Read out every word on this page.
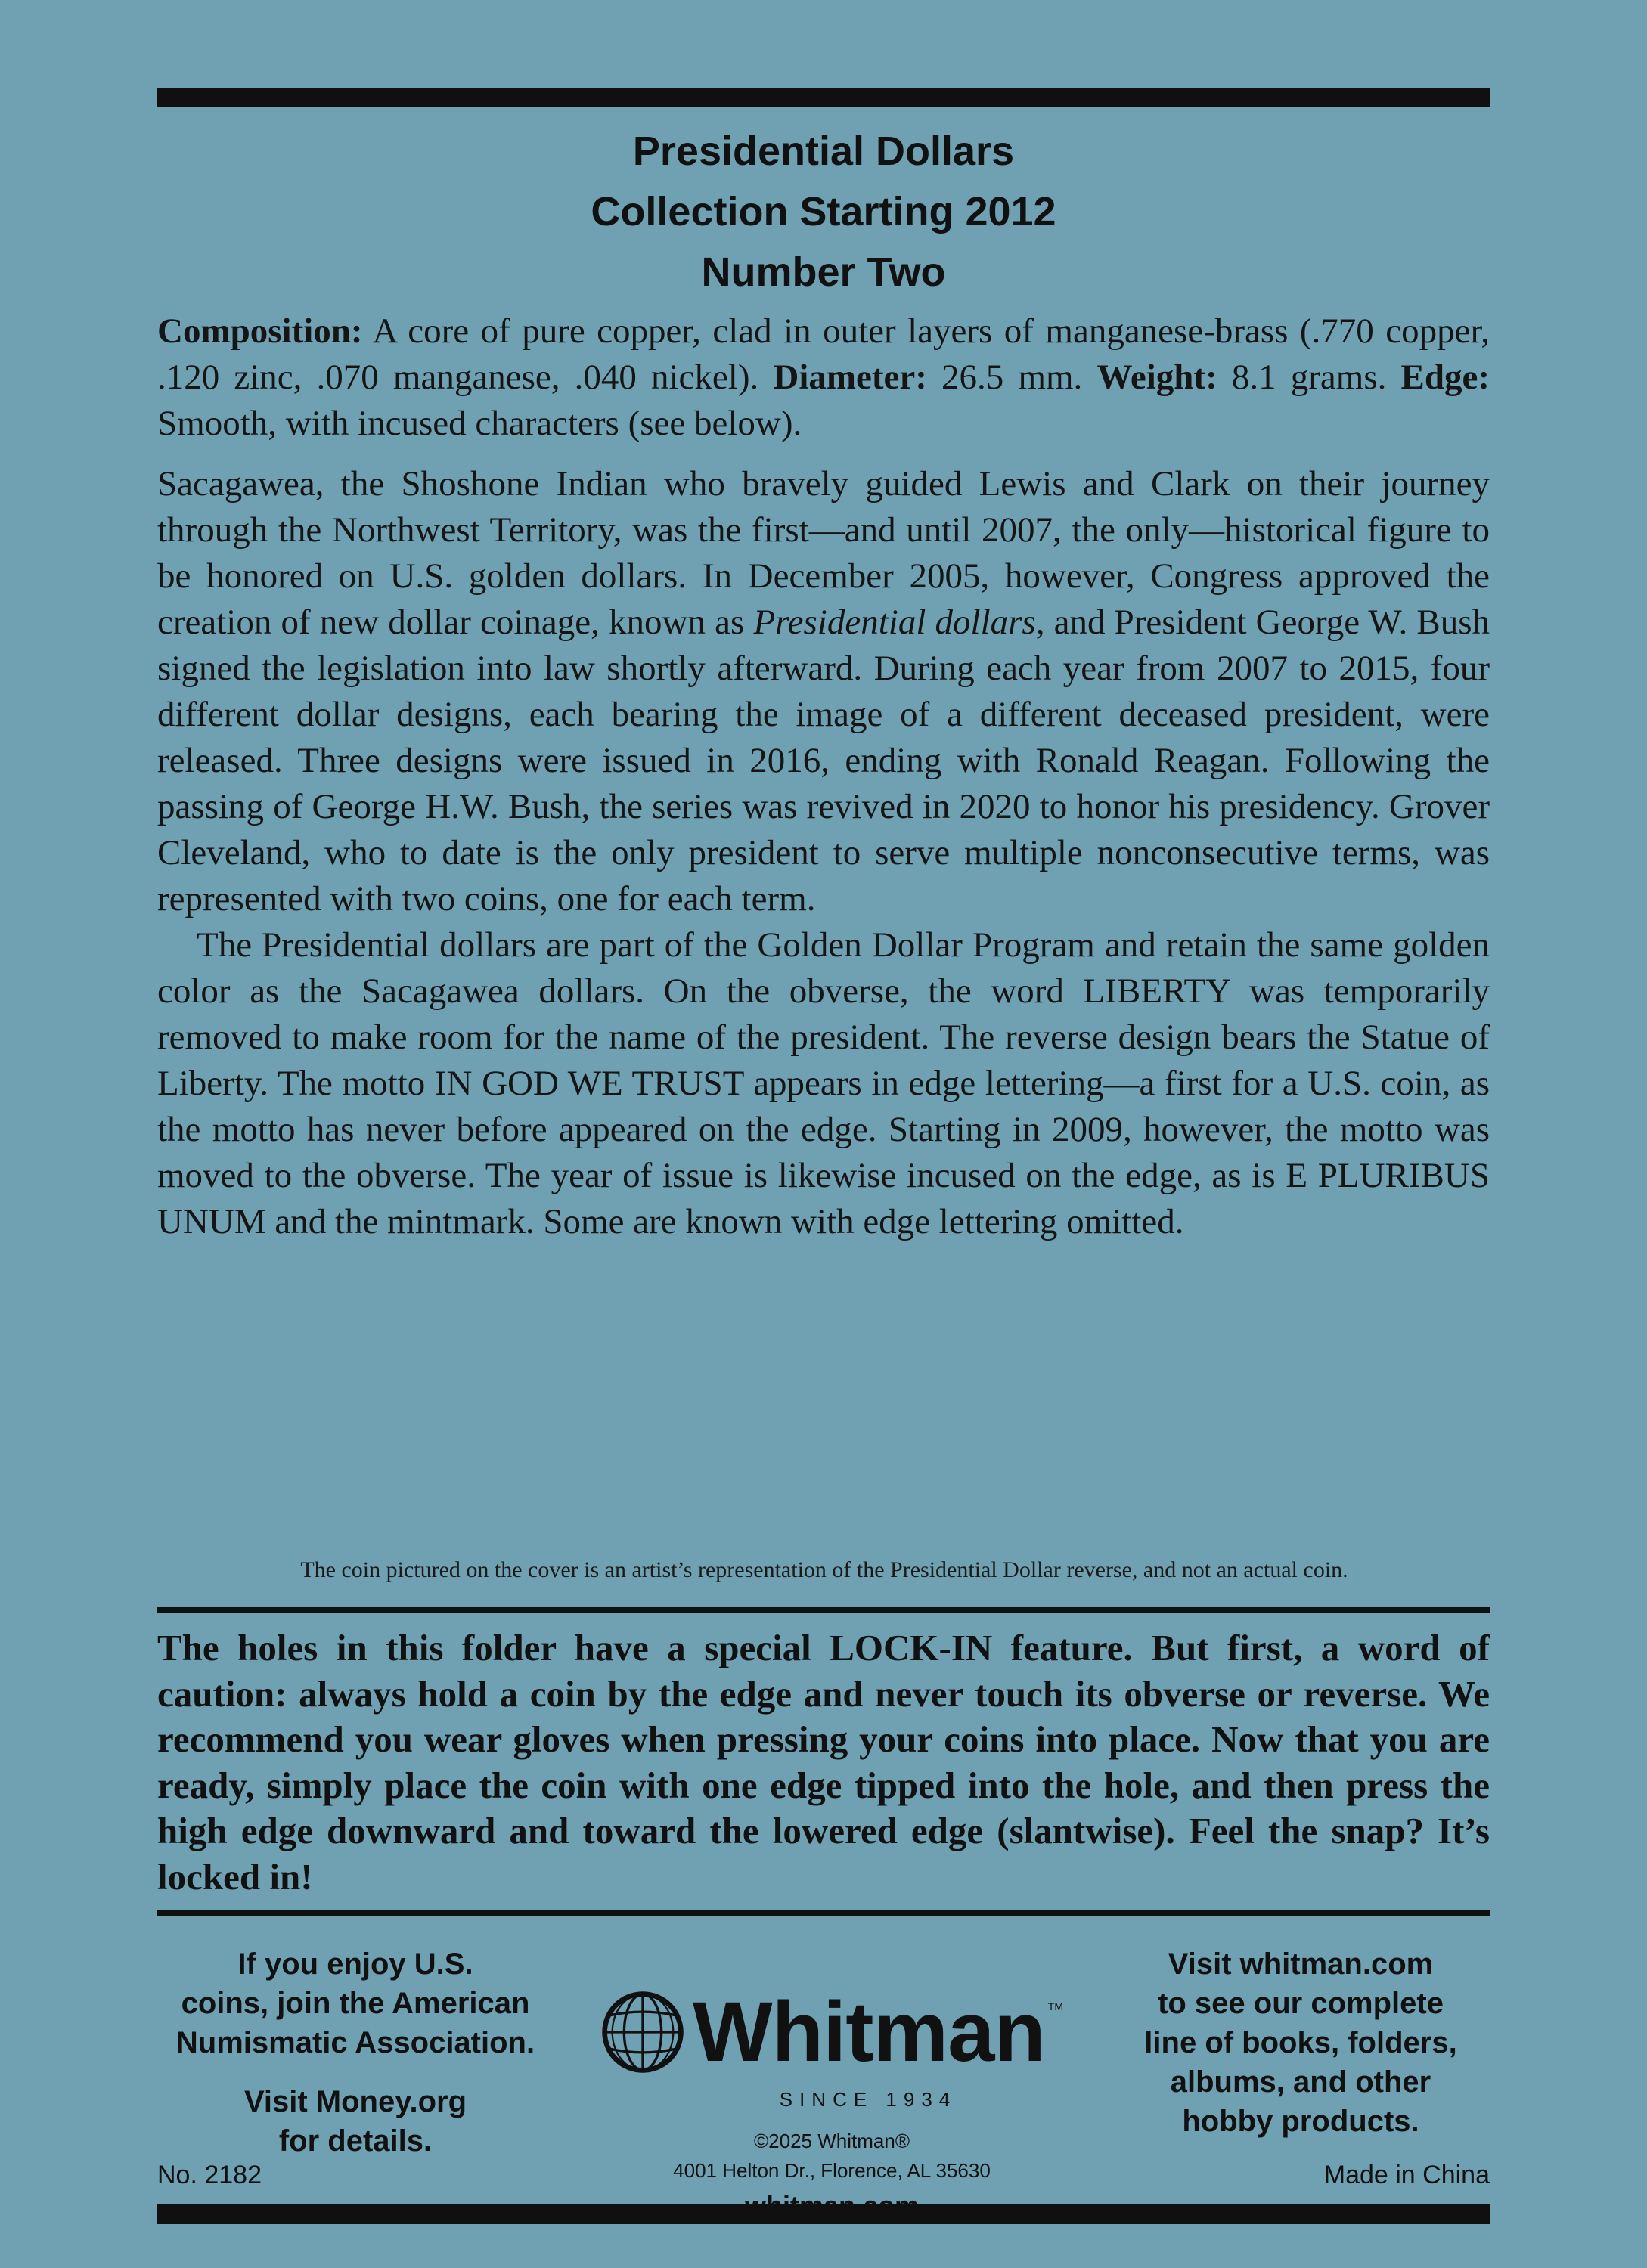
Presidential Dollars
Collection Starting 2012
Number Two

Composition: A core of pure copper, clad in outer layers of manganese-brass (.770 copper, .120 zinc, .070 manganese, .040 nickel). Diameter: 26.5 mm. Weight: 8.1 grams. Edge: Smooth, with incused characters (see below).

Sacagawea, the Shoshone Indian who bravely guided Lewis and Clark on their journey through the Northwest Territory, was the first—and until 2007, the only—historical figure to be honored on U.S. golden dollars. In December 2005, however, Congress approved the creation of new dollar coinage, known as Presidential dollars, and President George W. Bush signed the legislation into law shortly afterward. During each year from 2007 to 2015, four different dollar designs, each bearing the image of a different deceased president, were released. Three designs were issued in 2016, ending with Ronald Reagan. Following the passing of George H.W. Bush, the series was revived in 2020 to honor his presidency. Grover Cleveland, who to date is the only president to serve multiple nonconsecutive terms, was represented with two coins, one for each term.

The Presidential dollars are part of the Golden Dollar Program and retain the same golden color as the Sacagawea dollars. On the obverse, the word LIBERTY was temporarily removed to make room for the name of the president. The reverse design bears the Statue of Liberty. The motto IN GOD WE TRUST appears in edge lettering—a first for a U.S. coin, as the motto has never before appeared on the edge. Starting in 2009, however, the motto was moved to the obverse. The year of issue is likewise incused on the edge, as is E PLURIBUS UNUM and the mintmark. Some are known with edge lettering omitted.

The coin pictured on the cover is an artist’s representation of the Presidential Dollar reverse, and not an actual coin.
The holes in this folder have a special LOCK-IN feature. But first, a word of caution: always hold a coin by the edge and never touch its obverse or reverse. We recommend you wear gloves when pressing your coins into place. Now that you are ready, simply place the coin with one edge tipped into the hole, and then press the high edge downward and toward the lowered edge (slantwise). Feel the snap? It’s locked in!
If you enjoy U.S.
coins, join the American
Numismatic Association.
Visit Money.org
for details.
Whitman TM
SINCE 1934
©2025 Whitman®
4001 Helton Dr., Florence, AL 35630
Visit whitman.com
to see our complete
line of books, folders,
albums, and other
hobby products.
No. 2182	Made in China
